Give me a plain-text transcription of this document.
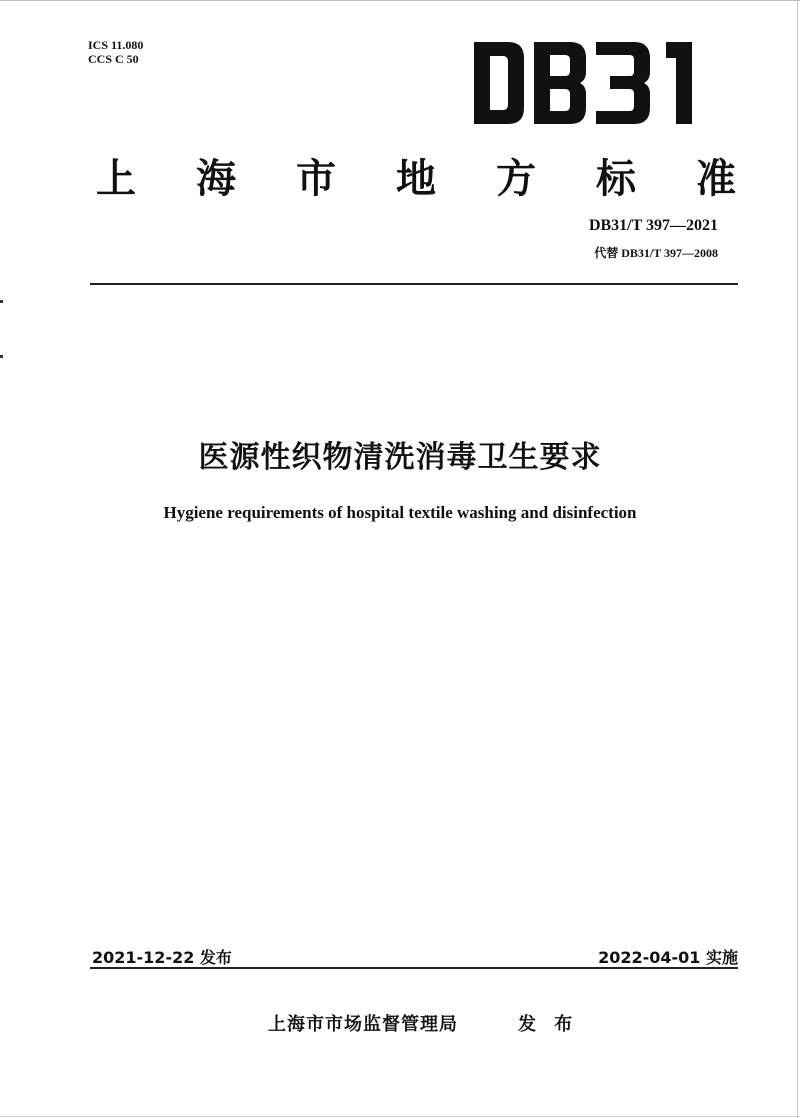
ICS 11.080
CCS C 50
上 海 市 地 方 标 准
DB31/T 397—2021
代替 DB31/T 397—2008
医源性织物清洗消毒卫生要求
Hygiene requirements of hospital textile washing and disinfection
2021-12-22 发布	2022-04-01 实施
上海市市场监督管理局	发 布
